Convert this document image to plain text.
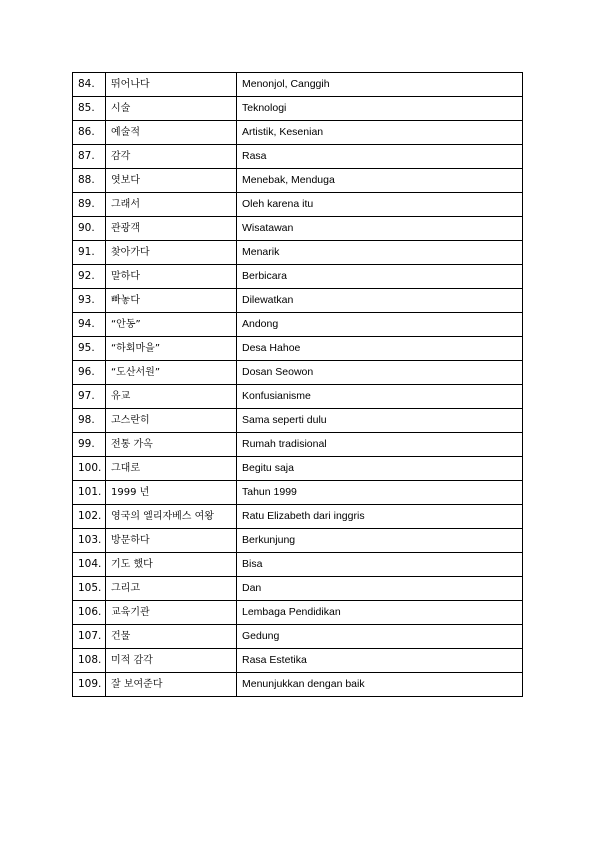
84.	뛰어나다	Menonjol, Canggih
85.	시술	Teknologi
86.	예술적	Artistik, Kesenian
87.	감각	Rasa
88.	엿보다	Menebak, Menduga
89.	그래서	Oleh karena itu
90.	관광객	Wisatawan
91.	찾아가다	Menarik
92.	말하다	Berbicara
93.	빠놓다	Dilewatkan
94.	“안동”	Andong
95.	“하회마을”	Desa Hahoe
96.	“도산서원”	Dosan Seowon
97.	유교	Konfusianisme
98.	고스란히	Sama seperti dulu
99.	전통 가옥	Rumah tradisional
100.	그대로	Begitu saja
101.	1999 년	Tahun 1999
102.	영국의 엘리자베스 여왕	Ratu Elizabeth dari inggris
103.	방문하다	Berkunjung
104.	기도 했다	Bisa
105.	그리고	Dan
106.	교육기관	Lembaga Pendidikan
107.	건물	Gedung
108.	미적 감각	Rasa Estetika
109.	잘 보여준다	Menunjukkan dengan baik
